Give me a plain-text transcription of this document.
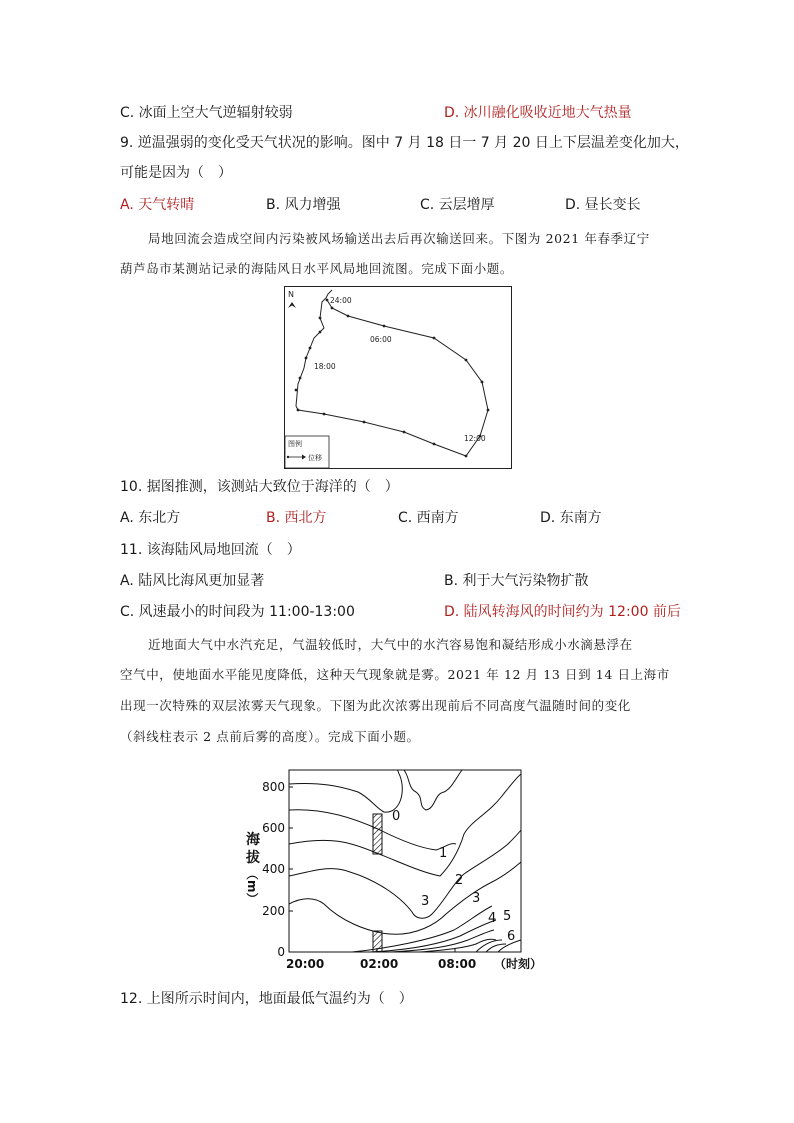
C. 冰面上空大气逆辐射较弱	D. 冰川融化吸收近地大气热量
9. 逆温强弱的变化受天气状况的影响。图中 7 月 18 日一 7 月 20 日上下层温差变化加大，
可能是因为（　）
A. 天气转晴	B. 风力增强	C. 云层增厚	D. 昼长变长
局地回流会造成空间内污染被风场输送出去后再次输送回来。下图为 2021 年春季辽宁
葫芦岛市某测站记录的海陆风日水平风局地回流图。完成下面小题。
N
24:00
06:00
18:00
12:00
图例
位移
10. 据图推测，该测站大致位于海洋的（　）
A. 东北方	B. 西北方	C. 西南方	D. 东南方
11. 该海陆风局地回流（　）
A. 陆风比海风更加显著	B. 利于大气污染物扩散
C. 风速最小的时间段为 11:00-13:00	D. 陆风转海风的时间约为 12:00 前后
近地面大气中水汽充足，气温较低时，大气中的水汽容易饱和凝结形成小水滴悬浮在
空气中，使地面水平能见度降低，这种天气现象就是雾。2021 年 12 月 13 日到 14 日上海市
出现一次特殊的双层浓雾天气现象。下图为此次浓雾出现前后不同高度气温随时间的变化
（斜线柱表示 2 点前后雾的高度）。完成下面小题。
海
拔
（m）
800
600
400
200
0
20:00	02:00	08:00 （时刻）
0
1
2
3	3
4 5
6
12. 上图所示时间内，地面最低气温约为（　）
